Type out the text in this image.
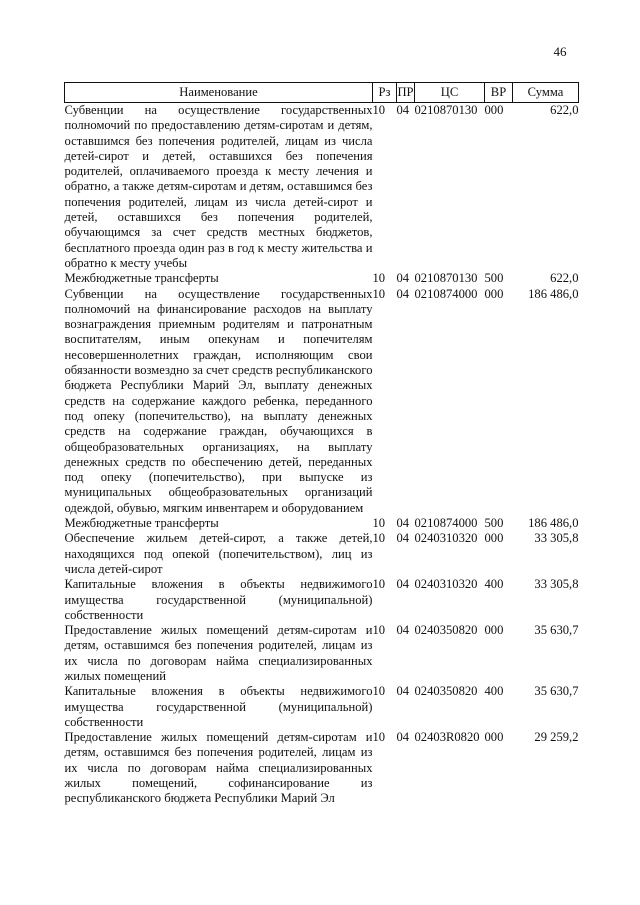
46
Наименование	Рз	ПР	ЦС	ВР	Сумма
Субвенции на осуществление государственных полномочий по предоставлению детям-сиротам и детям, оставшимся без попечения родителей, лицам из числа детей-сирот и детей, оставшихся без попечения родителей, оплачиваемого проезда к месту лечения и обратно, а также детям-сиротам и детям, оставшимся без попечения родителей, лицам из числа детей-сирот и детей, оставшихся без попечения родителей, обучающимся за счет средств местных бюджетов, бесплатного проезда один раз в год к месту жительства и обратно к месту учебы	10	04	0210870130	000	622,0
Межбюджетные трансферты	10	04	0210870130	500	622,0
Субвенции на осуществление государственных полномочий на финансирование расходов на выплату вознаграждения приемным родителям и патронатным воспитателям, иным опекунам и попечителям несовершеннолетних граждан, исполняющим свои обязанности возмездно за счет средств республиканского бюджета Республики Марий Эл, выплату денежных средств на содержание каждого ребенка, переданного под опеку (попечительство), на выплату денежных средств на содержание граждан, обучающихся в общеобразовательных организациях, на выплату денежных средств по обеспечению детей, переданных под опеку (попечительство), при выпуске из муниципальных общеобразовательных организаций одеждой, обувью, мягким инвентарем и оборудованием	10	04	0210874000	000	186 486,0
Межбюджетные трансферты	10	04	0210874000	500	186 486,0
Обеспечение жильем детей-сирот, а также детей, находящихся под опекой (попечительством), лиц из числа детей-сирот	10	04	0240310320	000	33 305,8
Капитальные вложения в объекты недвижимого имущества государственной (муниципальной) собственности	10	04	0240310320	400	33 305,8
Предоставление жилых помещений детям-сиротам и детям, оставшимся без попечения родителей, лицам из их числа по договорам найма специализированных жилых помещений	10	04	0240350820	000	35 630,7
Капитальные вложения в объекты недвижимого имущества государственной (муниципальной) собственности	10	04	0240350820	400	35 630,7
Предоставление жилых помещений детям-сиротам и детям, оставшимся без попечения родителей, лицам из их числа по договорам найма специализированных жилых помещений, софинансирование из республиканского бюджета Республики Марий Эл	10	04	02403R0820	000	29 259,2
